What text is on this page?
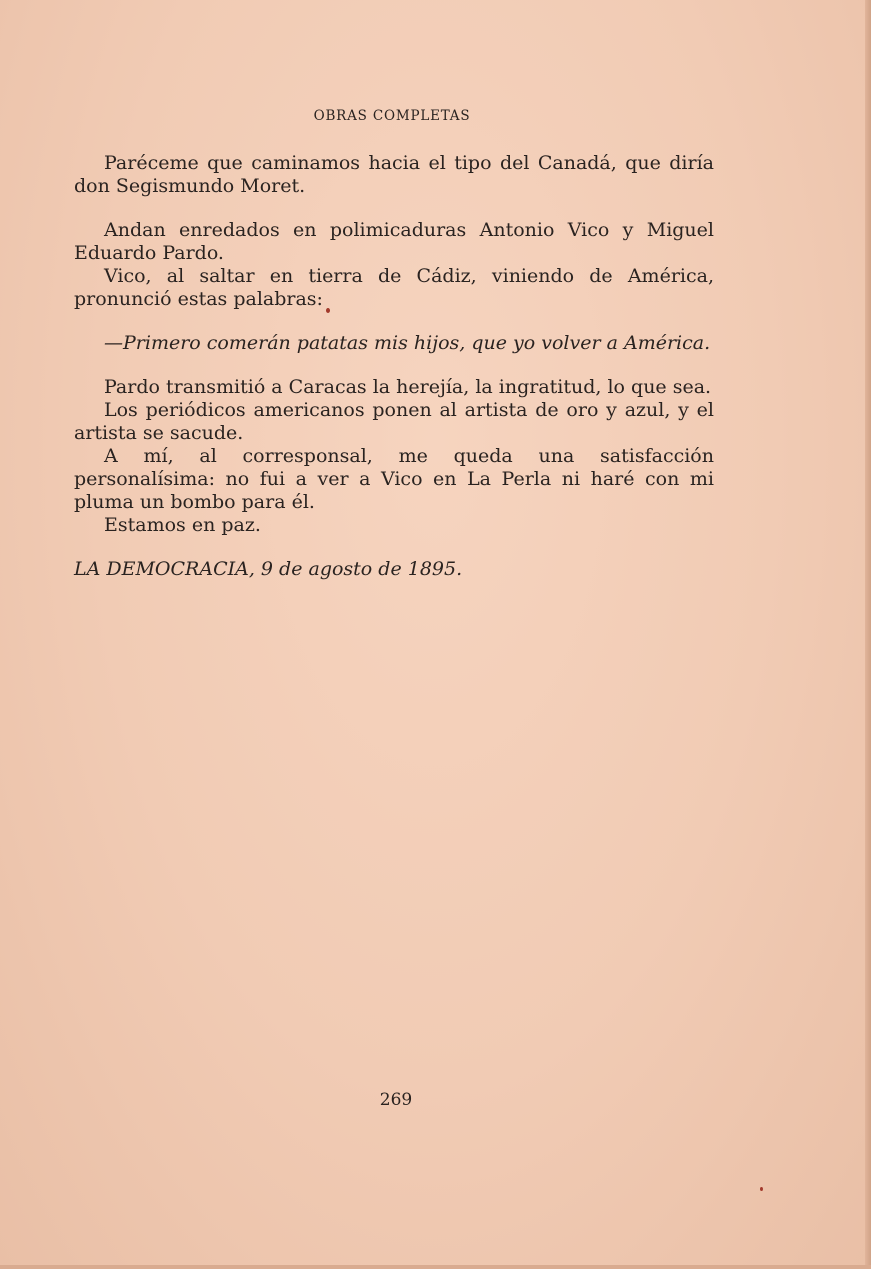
OBRAS COMPLETAS

Paréceme que caminamos hacia el tipo del Canadá, que diría don Segismundo Moret.

Andan enredados en polimicaduras Antonio Vico y Miguel Eduardo Pardo.

Vico, al saltar en tierra de Cádiz, viniendo de América, pronunció estas palabras:

—Primero comerán patatas mis hijos, que yo volver a América.

Pardo transmitió a Caracas la herejía, la ingratitud, lo que sea.

Los periódicos americanos ponen al artista de oro y azul, y el artista se sacude.

A mí, al corresponsal, me queda una satisfacción personalísima: no fui a ver a Vico en La Perla ni haré con mi pluma un bombo para él.

Estamos en paz.

LA DEMOCRACIA, 9 de agosto de 1895.

269
